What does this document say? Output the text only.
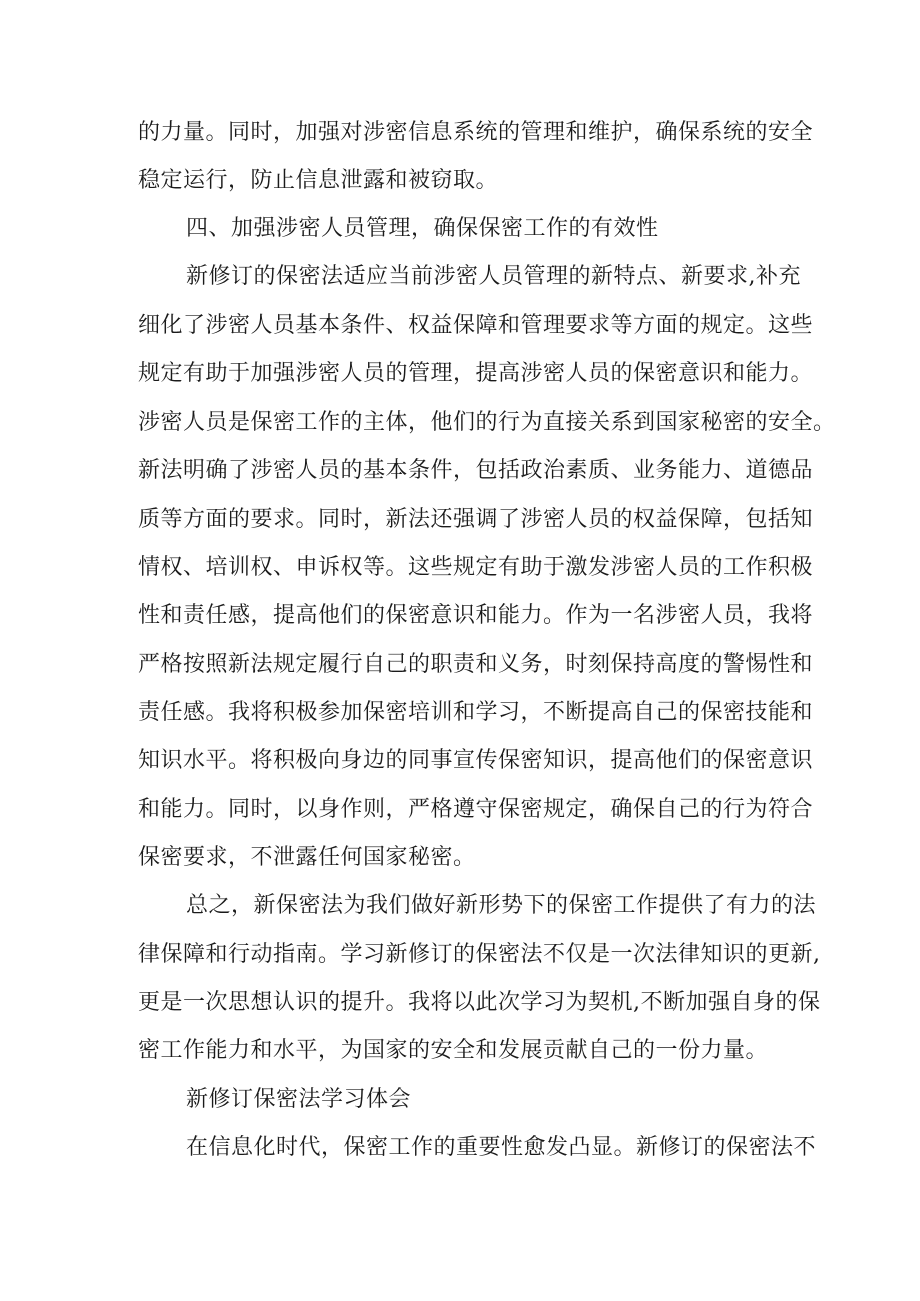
的力量。同时，加强对涉密信息系统的管理和维护，确保系统的安全
稳定运行，防止信息泄露和被窃取。
四、加强涉密人员管理，确保保密工作的有效性
新修订的保密法适应当前涉密人员管理的新特点、新要求,补充
细化了涉密人员基本条件、权益保障和管理要求等方面的规定。这些
规定有助于加强涉密人员的管理，提高涉密人员的保密意识和能力。
涉密人员是保密工作的主体，他们的行为直接关系到国家秘密的安全。
新法明确了涉密人员的基本条件，包括政治素质、业务能力、道德品
质等方面的要求。同时，新法还强调了涉密人员的权益保障，包括知
情权、培训权、申诉权等。这些规定有助于激发涉密人员的工作积极
性和责任感，提高他们的保密意识和能力。作为一名涉密人员，我将
严格按照新法规定履行自己的职责和义务，时刻保持高度的警惕性和
责任感。我将积极参加保密培训和学习，不断提高自己的保密技能和
知识水平。将积极向身边的同事宣传保密知识，提高他们的保密意识
和能力。同时，以身作则，严格遵守保密规定，确保自己的行为符合
保密要求，不泄露任何国家秘密。
总之，新保密法为我们做好新形势下的保密工作提供了有力的法
律保障和行动指南。学习新修订的保密法不仅是一次法律知识的更新,
更是一次思想认识的提升。我将以此次学习为契机,不断加强自身的保
密工作能力和水平，为国家的安全和发展贡献自己的一份力量。
新修订保密法学习体会
在信息化时代，保密工作的重要性愈发凸显。新修订的保密法不
